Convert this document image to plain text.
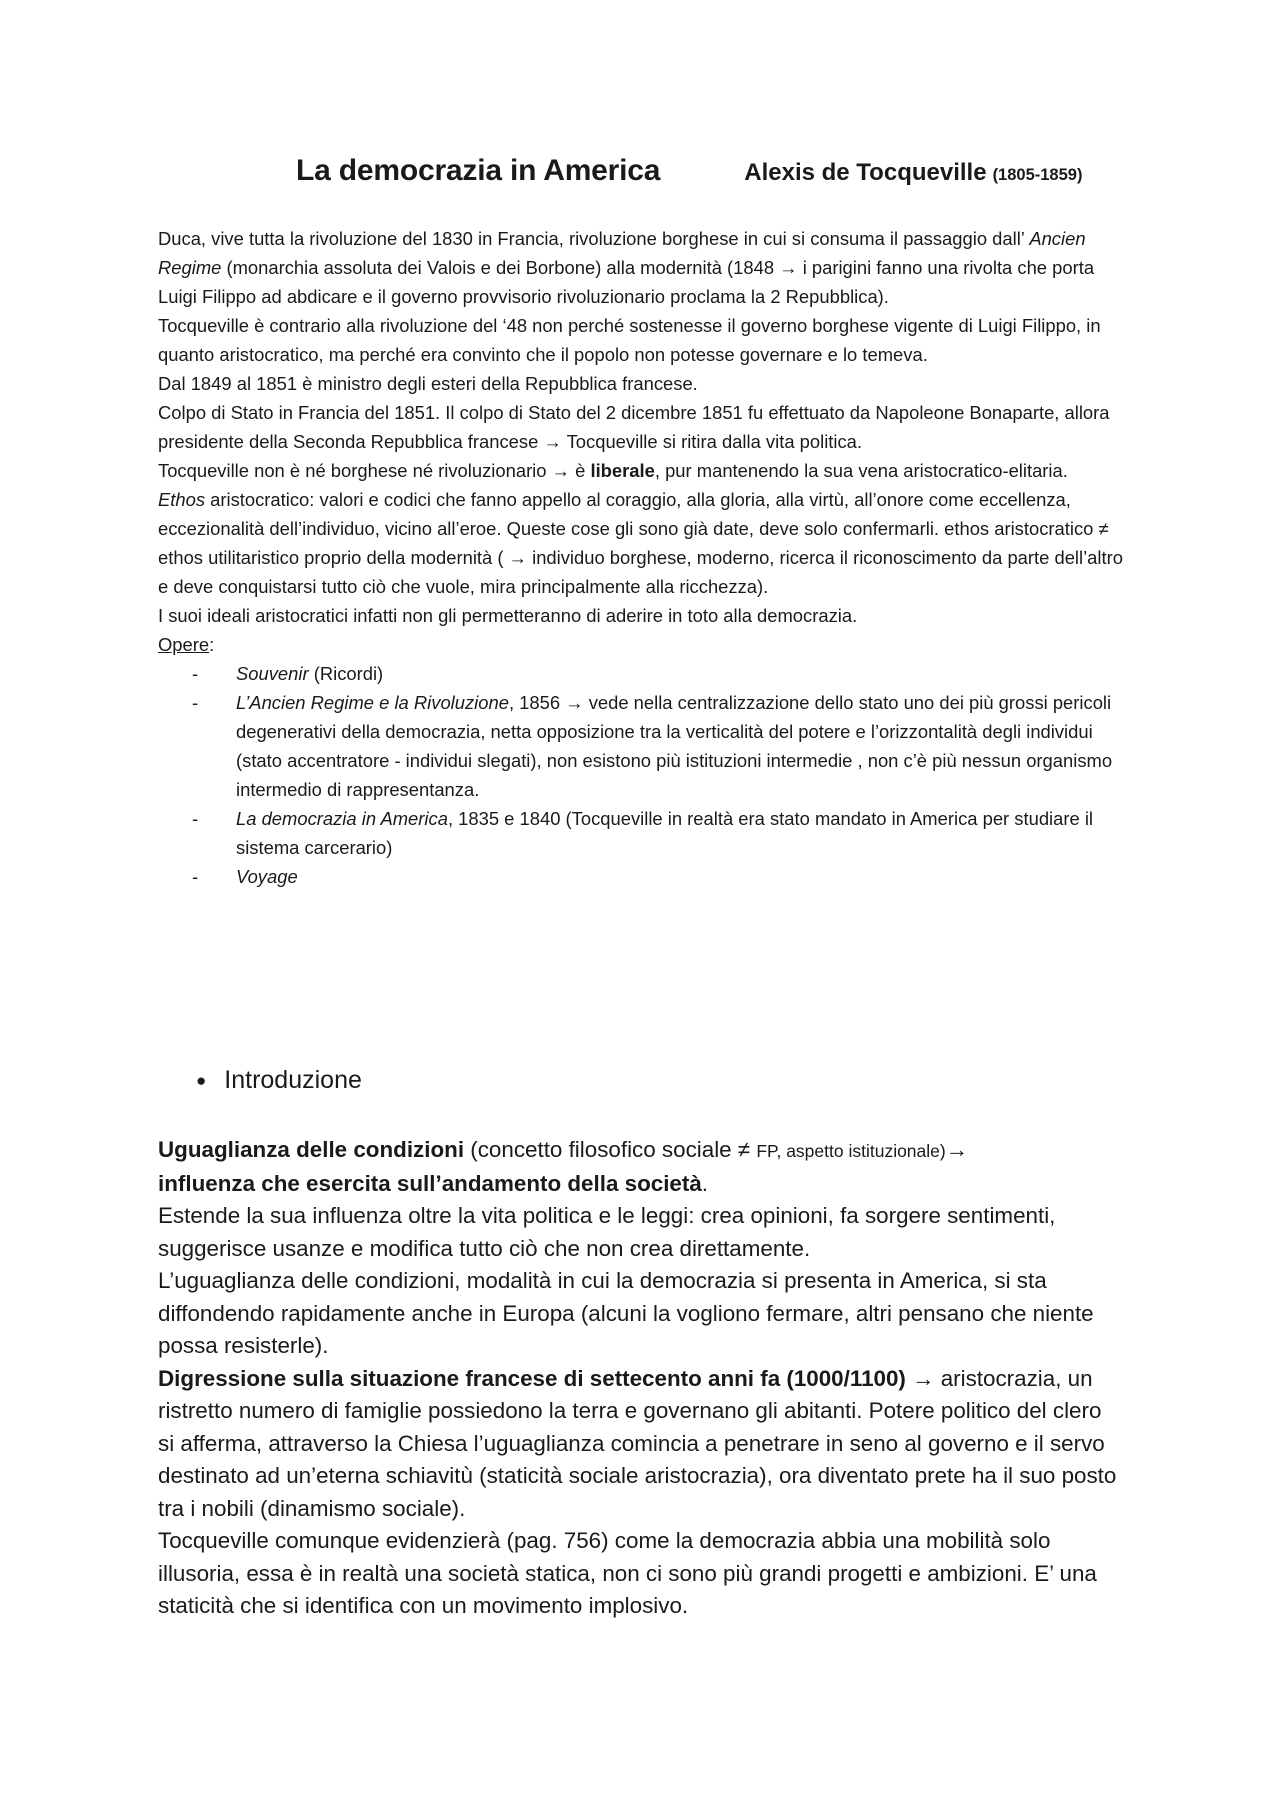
La democrazia in America	Alexis de Tocqueville (1805-1859)

Duca, vive tutta la rivoluzione del 1830 in Francia, rivoluzione borghese in cui si consuma il passaggio dall’ Ancien Regime (monarchia assoluta dei Valois e dei Borbone) alla modernità (1848 → i parigini fanno una rivolta che porta Luigi Filippo ad abdicare e il governo provvisorio rivoluzionario proclama la 2 Repubblica).

Tocqueville è contrario alla rivoluzione del ‘48 non perché sostenesse il governo borghese vigente di Luigi Filippo, in quanto aristocratico, ma perché era convinto che il popolo non potesse governare e lo temeva.

Dal 1849 al 1851 è ministro degli esteri della Repubblica francese.

Colpo di Stato in Francia del 1851. Il colpo di Stato del 2 dicembre 1851 fu effettuato da Napoleone Bonaparte, allora presidente della Seconda Repubblica francese → Tocqueville si ritira dalla vita politica.

Tocqueville non è né borghese né rivoluzionario → è liberale, pur mantenendo la sua vena aristocratico-elitaria.

Ethos aristocratico: valori e codici che fanno appello al coraggio, alla gloria, alla virtù, all’onore come eccellenza, eccezionalità dell’individuo, vicino all’eroe. Queste cose gli sono già date, deve solo confermarli. ethos aristocratico ≠ ethos utilitaristico proprio della modernità ( → individuo borghese, moderno, ricerca il riconoscimento da parte dell’altro e deve conquistarsi tutto ciò che vuole, mira principalmente alla ricchezza).

I suoi ideali aristocratici infatti non gli permetteranno di aderire in toto alla democrazia.

Opere:

- Souvenir (Ricordi)
- L’Ancien Regime e la Rivoluzione, 1856 → vede nella centralizzazione dello stato uno dei più grossi pericoli degenerativi della democrazia, netta opposizione tra la verticalità del potere e l’orizzontalità degli individui (stato accentratore - individui slegati), non esistono più istituzioni intermedie , non c’è più nessun organismo intermedio di rappresentanza.
- La democrazia in America, 1835 e 1840 (Tocqueville in realtà era stato mandato in America per studiare il sistema carcerario)
- Voyage
● Introduzione

Uguaglianza delle condizioni (concetto filosofico sociale ≠ FP, aspetto istituzionale)→
influenza che esercita sull’andamento della società.

Estende la sua influenza oltre la vita politica e le leggi: crea opinioni, fa sorgere sentimenti, suggerisce usanze e modifica tutto ciò che non crea direttamente.

L’uguaglianza delle condizioni, modalità in cui la democrazia si presenta in America, si sta diffondendo rapidamente anche in Europa (alcuni la vogliono fermare, altri pensano che niente possa resisterle).

Digressione sulla situazione francese di settecento anni fa (1000/1100) → aristocrazia, un ristretto numero di famiglie possiedono la terra e governano gli abitanti. Potere politico del clero si afferma, attraverso la Chiesa l’uguaglianza comincia a penetrare in seno al governo e il servo destinato ad un’eterna schiavitù (staticità sociale aristocrazia), ora diventato prete ha il suo posto tra i nobili (dinamismo sociale).

Tocqueville comunque evidenzierà (pag. 756) come la democrazia abbia una mobilità solo illusoria, essa è in realtà una società statica, non ci sono più grandi progetti e ambizioni. E’ una staticità che si identifica con un movimento implosivo.
